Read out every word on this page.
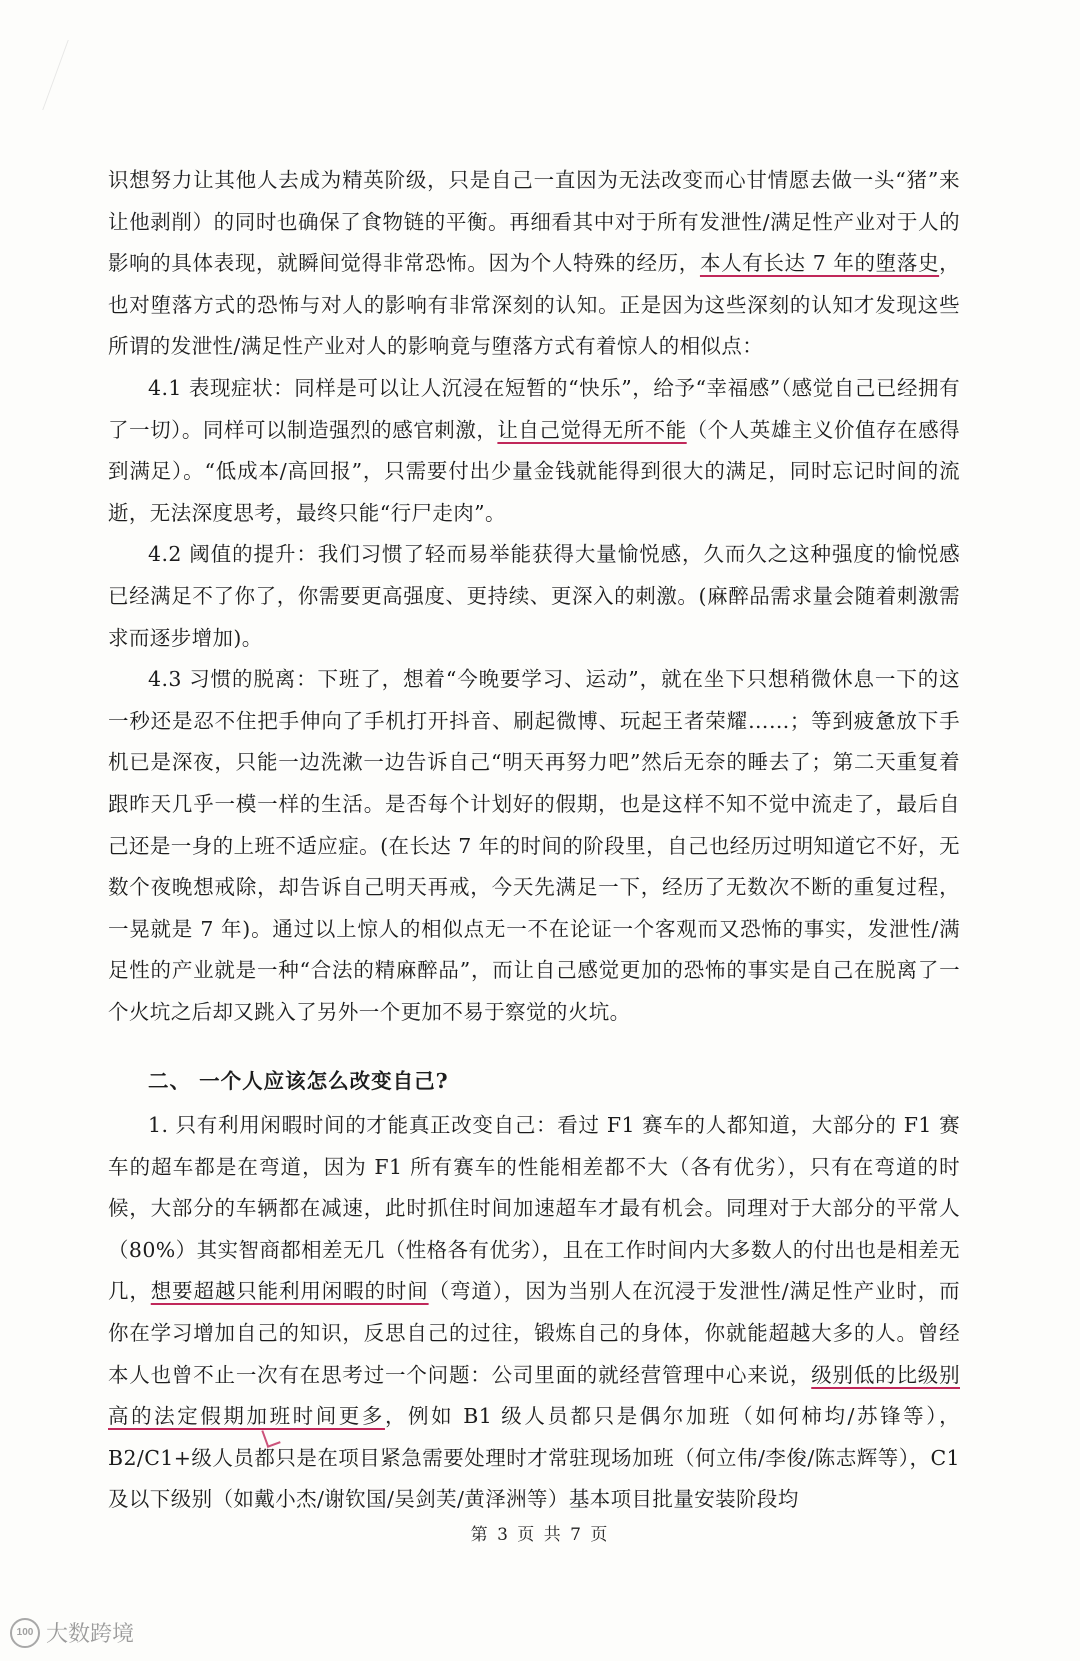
识想努力让其他人去成为精英阶级，只是自己一直因为无法改变而心甘情愿去做一头“猪”来让他剥削）的同时也确保了食物链的平衡。再细看其中对于所有发泄性/满足性产业对于人的影响的具体表现，就瞬间觉得非常恐怖。因为个人特殊的经历，本人有长达 7 年的堕落史，也对堕落方式的恐怖与对人的影响有非常深刻的认知。正是因为这些深刻的认知才发现这些所谓的发泄性/满足性产业对人的影响竟与堕落方式有着惊人的相似点：

4.1 表现症状：同样是可以让人沉浸在短暂的“快乐”，给予“幸福感”（感觉自己已经拥有了一切）。同样可以制造强烈的感官刺激，让自己觉得无所不能（个人英雄主义价值存在感得到满足）。“低成本/高回报”，只需要付出少量金钱就能得到很大的满足，同时忘记时间的流逝，无法深度思考，最终只能“行尸走肉”。

4.2 阈值的提升：我们习惯了轻而易举能获得大量愉悦感，久而久之这种强度的愉悦感已经满足不了你了，你需要更高强度、更持续、更深入的刺激。(麻醉品需求量会随着刺激需求而逐步增加)。

4.3 习惯的脱离：下班了，想着“今晚要学习、运动”，就在坐下只想稍微休息一下的这一秒还是忍不住把手伸向了手机打开抖音、刷起微博、玩起王者荣耀……；等到疲惫放下手机已是深夜，只能一边洗漱一边告诉自己“明天再努力吧”然后无奈的睡去了；第二天重复着跟昨天几乎一模一样的生活。是否每个计划好的假期，也是这样不知不觉中流走了，最后自己还是一身的上班不适应症。(在长达 7 年的时间的阶段里，自己也经历过明知道它不好，无数个夜晚想戒除，却告诉自己明天再戒，今天先满足一下，经历了无数次不断的重复过程，一晃就是 7 年)。通过以上惊人的相似点无一不在论证一个客观而又恐怖的事实，发泄性/满足性的产业就是一种“合法的精麻醉品”，而让自己感觉更加的恐怖的事实是自己在脱离了一个火坑之后却又跳入了另外一个更加不易于察觉的火坑。

二、 一个人应该怎么改变自己?

1. 只有利用闲暇时间的才能真正改变自己：看过 F1 赛车的人都知道，大部分的 F1 赛车的超车都是在弯道，因为 F1 所有赛车的性能相差都不大（各有优劣），只有在弯道的时候，大部分的车辆都在减速，此时抓住时间加速超车才最有机会。同理对于大部分的平常人（80%）其实智商都相差无几（性格各有优劣），且在工作时间内大多数人的付出也是相差无几，想要超越只能利用闲暇的时间（弯道），因为当别人在沉浸于发泄性/满足性产业时，而你在学习增加自己的知识，反思自己的过往，锻炼自己的身体，你就能超越大多的人。曾经本人也曾不止一次有在思考过一个问题：公司里面的就经营管理中心来说，级别低的比级别高的法定假期加班时间更多，例如 B1 级人员都只是偶尔加班（如何柿均/苏锋等），B2/C1+级人员都只是在项目紧急需要处理时才常驻现场加班（何立伟/李俊/陈志辉等），C1 及以下级别（如戴小杰/谢钦国/吴剑芙/黄泽洲等）基本项目批量安装阶段均

第 3 页 共 7 页
100 大数跨境
